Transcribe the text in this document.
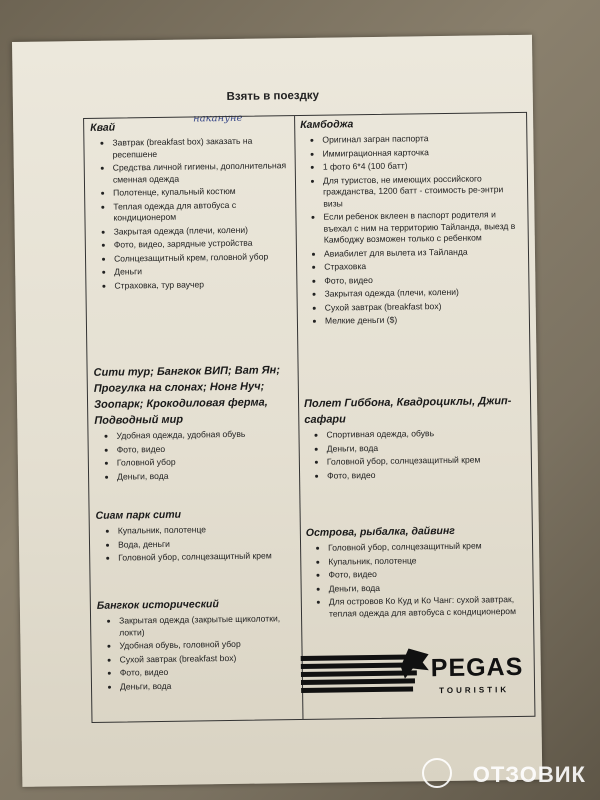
Взять в поездку
накануне
Квай
• Завтрак (breakfast box) заказать на ресепшене
• Средства личной гигиены, дополнительная сменная одежда
• Полотенце, купальный костюм
• Теплая одежда для автобуса с кондиционером
• Закрытая одежда (плечи, колени)
• Фото, видео, зарядные устройства
• Солнцезащитный крем, головной убор
• Деньги
• Страховка, тур ваучер
Сити тур; Бангкок ВИП; Ват Ян; Прогулка на слонах; Нонг Нуч; Зоопарк; Крокодиловая ферма, Подводный мир
• Удобная одежда, удобная обувь
• Фото, видео
• Головной убор
• Деньги, вода
Сиам парк сити
• Купальник, полотенце
• Вода, деньги
• Головной убор, солнцезащитный крем
Бангкок исторический
• Закрытая одежда (закрытые щиколотки, локти)
• Удобная обувь, головной убор
• Сухой завтрак (breakfast box)
• Фото, видео
• Деньги, вода
Камбоджа
• Оригинал загран паспорта
• Иммиграционная карточка
• 1 фото 6*4 (100 батт)
• Для туристов, не имеющих российского гражданства, 1200 батт - стоимость ре-энтри визы
• Если ребенок вклеен в паспорт родителя и въехал с ним на территорию Тайланда, выезд в Камбоджу возможен только с ребенком
• Авиабилет для вылета из Тайланда
• Страховка
• Фото, видео
• Закрытая одежда (плечи, колени)
• Сухой завтрак (breakfast box)
• Мелкие деньги ($)
Полет Гиббона, Квадроциклы, Джип-сафари
• Спортивная одежда, обувь
• Деньги, вода
• Головной убор, солнцезащитный крем
• Фото, видео
Острова, рыбалка, дайвинг
• Головной убор, солнцезащитный крем
• Купальник, полотенце
• Фото, видео
• Деньги, вода
• Для островов Ко Куд и Ко Чанг: сухой завтрак, теплая одежда для автобуса с кондиционером
PEGAS
TOURISTIK
ОТЗОВИК
